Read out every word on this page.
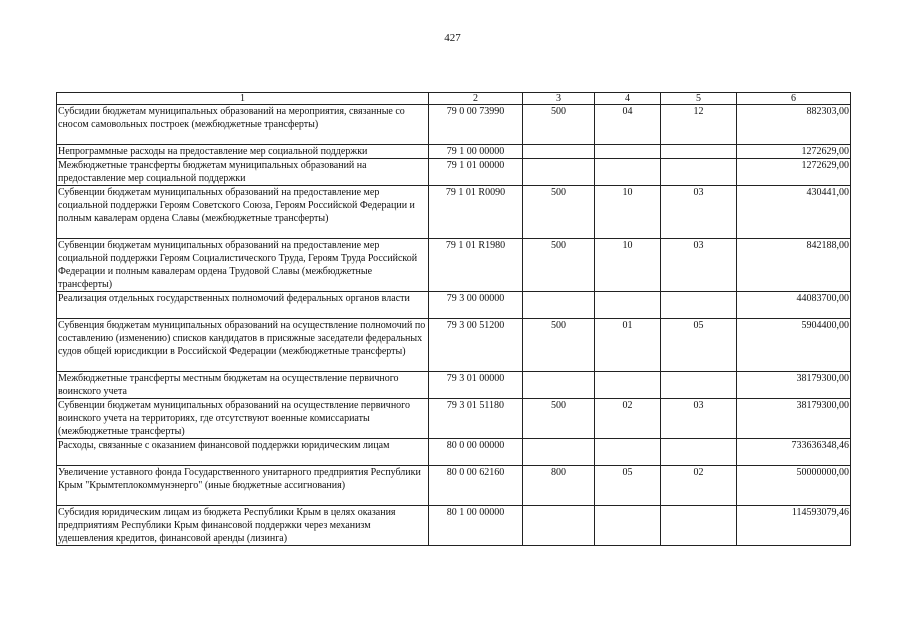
427
1	2	3	4	5	6
Субсидии бюджетам муниципальных образований на мероприятия, связанные со сносом самовольных построек (межбюджетные трансферты)	79 0 00 73990	500	04	12	882303,00
Непрограммные расходы на предоставление мер социальной поддержки	79 1 00 00000				1272629,00
Межбюджетные трансферты бюджетам муниципальных образований на предоставление мер социальной поддержки	79 1 01 00000				1272629,00
Субвенции бюджетам муниципальных образований на предоставление мер социальной поддержки Героям Советского Союза, Героям Российской Федерации и полным кавалерам ордена Славы (межбюджетные трансферты)	79 1 01 R0090	500	10	03	430441,00
Субвенции бюджетам муниципальных образований на предоставление мер социальной поддержки Героям Социалистического Труда, Героям Труда Российской Федерации и полным кавалерам ордена Трудовой Славы (межбюджетные трансферты)	79 1 01 R1980	500	10	03	842188,00
Реализация отдельных государственных полномочий федеральных органов власти	79 3 00 00000				44083700,00
Субвенция бюджетам муниципальных образований на осуществление полномочий по составлению (изменению) списков кандидатов в присяжные заседатели федеральных судов общей юрисдикции в Российской Федерации (межбюджетные трансферты)	79 3 00 51200	500	01	05	5904400,00
Межбюджетные трансферты местным бюджетам на осуществление первичного воинского учета	79 3 01 00000				38179300,00
Субвенции бюджетам муниципальных образований на осуществление первичного воинского учета на территориях, где отсутствуют военные комиссариаты (межбюджетные трансферты)	79 3 01 51180	500	02	03	38179300,00
Расходы, связанные с оказанием финансовой поддержки юридическим лицам	80 0 00 00000				733636348,46
Увеличение уставного фонда Государственного унитарного предприятия Республики Крым "Крымтеплокоммунэнерго" (иные бюджетные ассигнования)	80 0 00 62160	800	05	02	50000000,00
Субсидия юридическим лицам из бюджета Республики Крым в целях оказания предприятиям Республики Крым финансовой поддержки через механизм удешевления кредитов, финансовой аренды (лизинга)	80 1 00 00000				114593079,46
